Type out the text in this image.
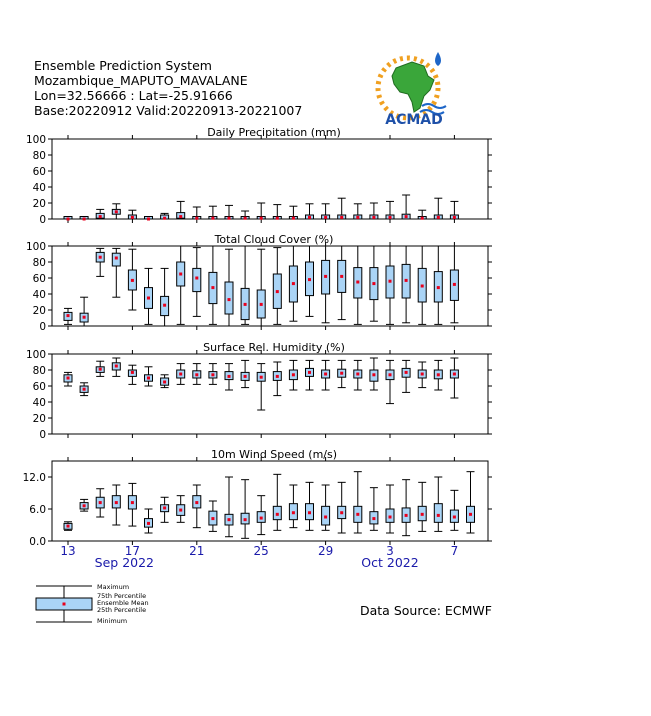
Ensemble Prediction System
Mozambique_MAPUTO_MAVALANE
Lon=32.56666 : Lat=-25.91666
Base:20220912 Valid:20220913-20221007
ACMAD
Daily Precipitation (mm)
0
20
40
60
80
100
Total Cloud Cover (%)
0
20
40
60
80
100
Surface Rel. Humidity (%)
0
20
40
60
80
100
10m Wind Speed (m/s)
0.0
6.0
12.0
13	17	21	25	29	3	7
Sep 2022	Oct 2022
Maximum
75th Percentile
Ensemble Mean
25th Percentile
Minimum
Data Source: ECMWF
